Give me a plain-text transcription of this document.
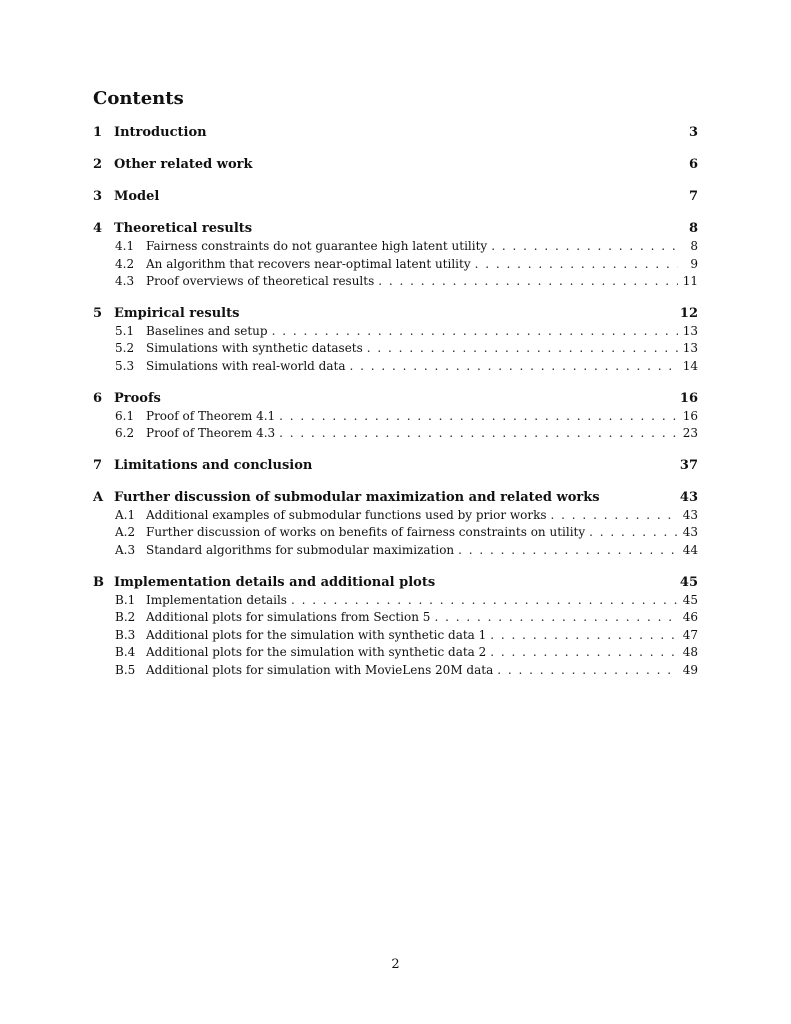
Contents
1 Introduction	3
2 Other related work	6
3 Model	7
4 Theoretical results	8
4.1 Fairness constraints do not guarantee high latent utility . . .	8
4.2 An algorithm that recovers near-optimal latent utility . . .	9
4.3 Proof overviews of theoretical results . . .	11
5 Empirical results	12
5.1 Baselines and setup . . .	13
5.2 Simulations with synthetic datasets . . .	13
5.3 Simulations with real-world data . . .	14
6 Proofs	16
6.1 Proof of Theorem 4.1 . . .	16
6.2 Proof of Theorem 4.3 . . .	23
7 Limitations and conclusion	37
A Further discussion of submodular maximization and related works	43
A.1 Additional examples of submodular functions used by prior works . . .	43
A.2 Further discussion of works on benefits of fairness constraints on utility . . .	43
A.3 Standard algorithms for submodular maximization . . .	44
B Implementation details and additional plots	45
B.1 Implementation details . . .	45
B.2 Additional plots for simulations from Section 5 . . .	46
B.3 Additional plots for the simulation with synthetic data 1 . . .	47
B.4 Additional plots for the simulation with synthetic data 2 . . .	48
B.5 Additional plots for simulation with MovieLens 20M data . . .	49
2
